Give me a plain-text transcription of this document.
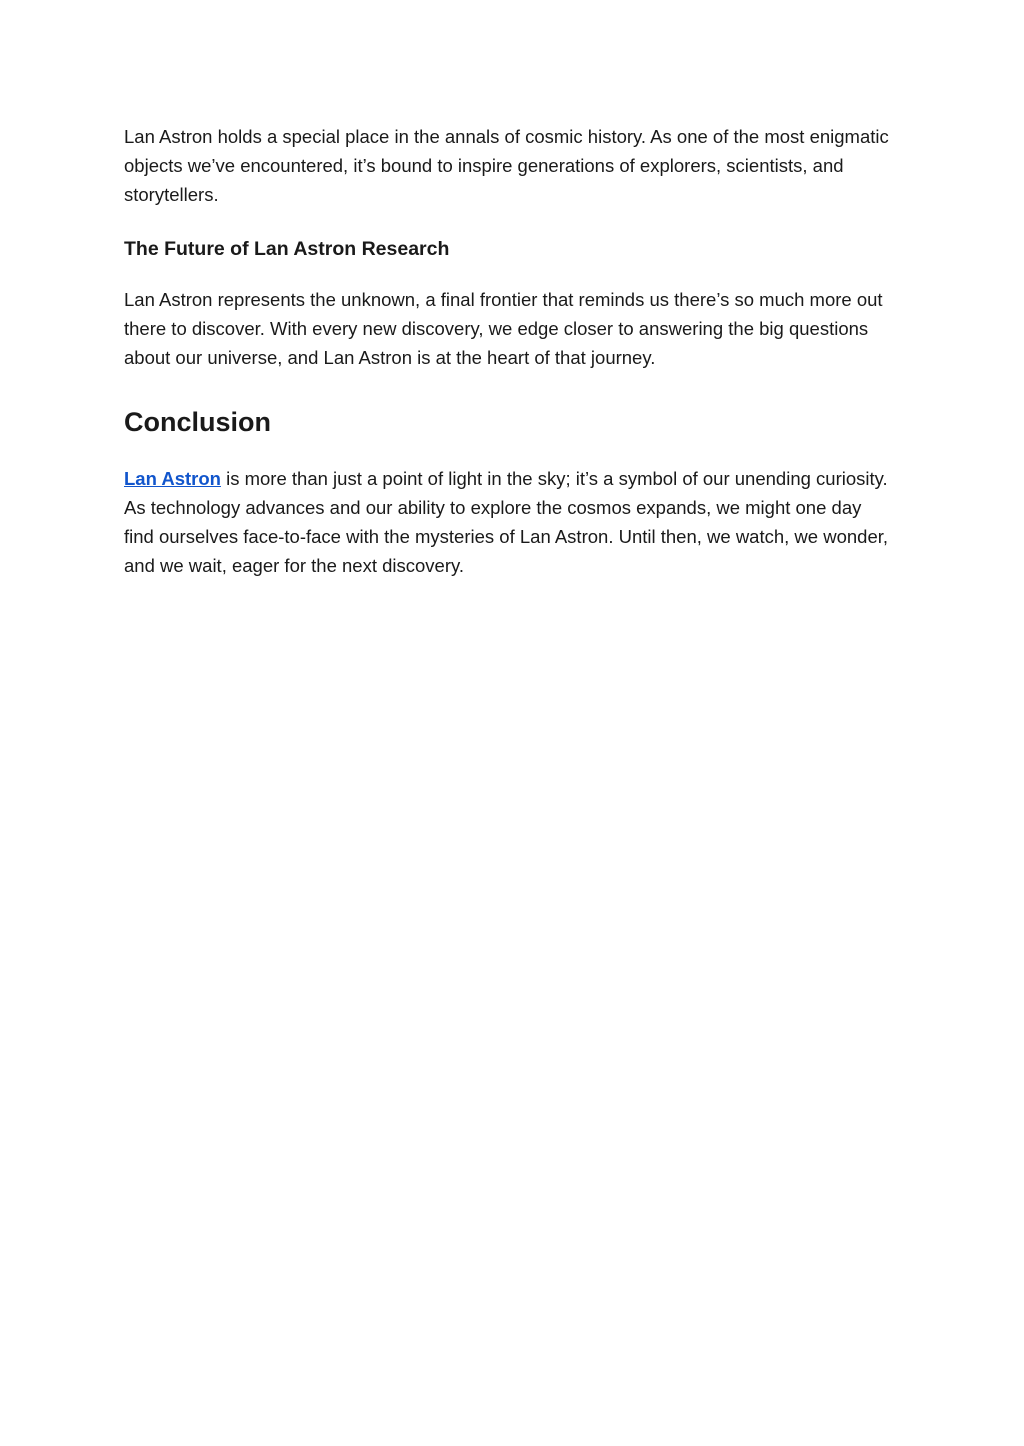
Lan Astron holds a special place in the annals of cosmic history. As one of the most enigmatic objects we’ve encountered, it’s bound to inspire generations of explorers, scientists, and storytellers.

The Future of Lan Astron Research

Lan Astron represents the unknown, a final frontier that reminds us there’s so much more out there to discover. With every new discovery, we edge closer to answering the big questions about our universe, and Lan Astron is at the heart of that journey.

Conclusion

Lan Astron is more than just a point of light in the sky; it’s a symbol of our unending curiosity. As technology advances and our ability to explore the cosmos expands, we might one day find ourselves face-to-face with the mysteries of Lan Astron. Until then, we watch, we wonder, and we wait, eager for the next discovery.
